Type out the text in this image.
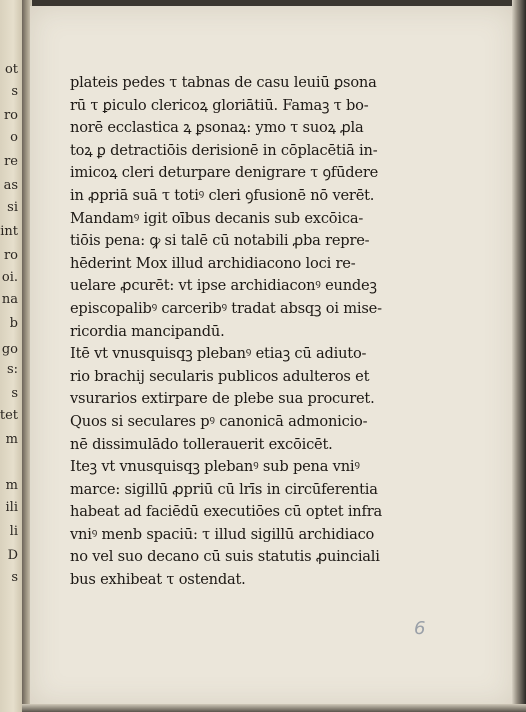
ot
s
ro
o
re
as
si
int
ro
oi.
na
b
go
s:
s
tet
m
m
ili
li
D
s
plateis pedes τ tabnas de casu leuiū ꝑsona
rū τ ꝑiculo clericoꝝ gloriātiū. Famaꝫ τ bo-
norē ecclastica ꝝ ꝑsonaꝝ: ymo τ suoꝝ ꝓla
toꝝ ꝑ detractiōis derisionē in cōplacētiā in-
imicoꝝ cleri deturpare denigrare τ ꝯfūdere
in ꝓpriā suā τ totiꝰ cleri ꝯfusionē nō verēt.
Mandamꝰ igit oībus decanis sub excōica-
tiōis pena: ꝙ si talē cū notabili ꝓba repre-
hēderint Mox illud archidiacono loci re-
uelare ꝓcurēt: vt ipse archidiaconꝰ eundeꝫ
episcopalibꝰ carceribꝰ tradat absqꝫ oi mise-
ricordia mancipandū.
Itē vt vnusquisqꝫ plebanꝰ etiaꝫ cū adiuto-
rio brachij secularis publicos adulteros et
vsurarios extirpare de plebe sua procuret.
Quos si seculares pꝰ canonicā admonicio-
nē dissimulādo tollerauerit excōicēt.
Iteꝫ vt vnusquisqꝫ plebanꝰ sub pena vniꝰ
marce: sigillū ꝓpriū cū lrīs in circūferentia
habeat ad faciēdū executiōes cū optet infra
vniꝰ menb spaciū: τ illud sigillū archidiaco
no vel suo decano cū suis statutis ꝓuinciali
bus exhibeat τ ostendat.
6
